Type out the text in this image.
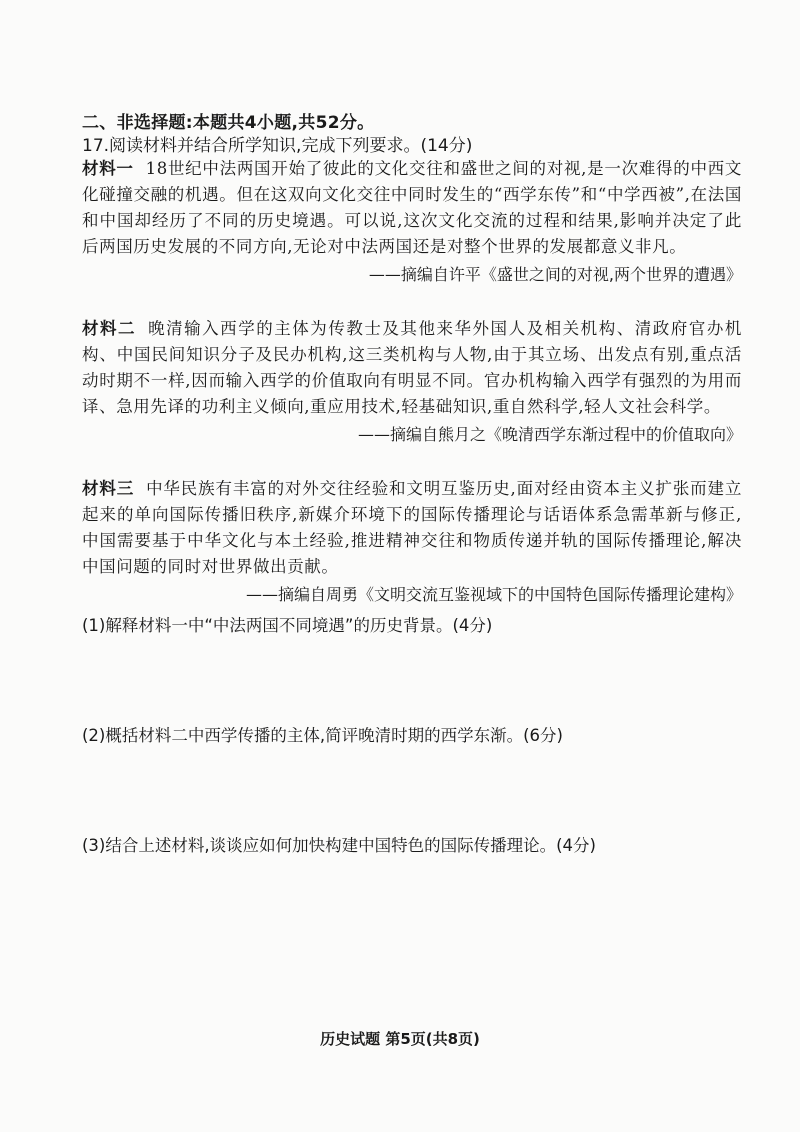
二、非选择题:本题共4小题,共52分。
17.阅读材料并结合所学知识,完成下列要求。(14分)

材料一 18世纪中法两国开始了彼此的文化交往和盛世之间的对视,是一次难得的中西文化碰撞交融的机遇。但在这双向文化交往中同时发生的“西学东传”和“中学西被”,在法国和中国却经历了不同的历史境遇。可以说,这次文化交流的过程和结果,影响并决定了此后两国历史发展的不同方向,无论对中法两国还是对整个世界的发展都意义非凡。

——摘编自许平《盛世之间的对视,两个世界的遭遇》

材料二 晚清输入西学的主体为传教士及其他来华外国人及相关机构、清政府官办机构、中国民间知识分子及民办机构,这三类机构与人物,由于其立场、出发点有别,重点活动时期不一样,因而输入西学的价值取向有明显不同。官办机构输入西学有强烈的为用而译、急用先译的功利主义倾向,重应用技术,轻基础知识,重自然科学,轻人文社会科学。

——摘编自熊月之《晚清西学东渐过程中的价值取向》

材料三 中华民族有丰富的对外交往经验和文明互鉴历史,面对经由资本主义扩张而建立起来的单向国际传播旧秩序,新媒介环境下的国际传播理论与话语体系急需革新与修正,中国需要基于中华文化与本土经验,推进精神交往和物质传递并轨的国际传播理论,解决中国问题的同时对世界做出贡献。

——摘编自周勇《文明交流互鉴视域下的中国特色国际传播理论建构》

(1)解释材料一中“中法两国不同境遇”的历史背景。(4分)
(2)概括材料二中西学传播的主体,简评晚清时期的西学东渐。(6分)
(3)结合上述材料,谈谈应如何加快构建中国特色的国际传播理论。(4分)
历史试题 第5页(共8页)
